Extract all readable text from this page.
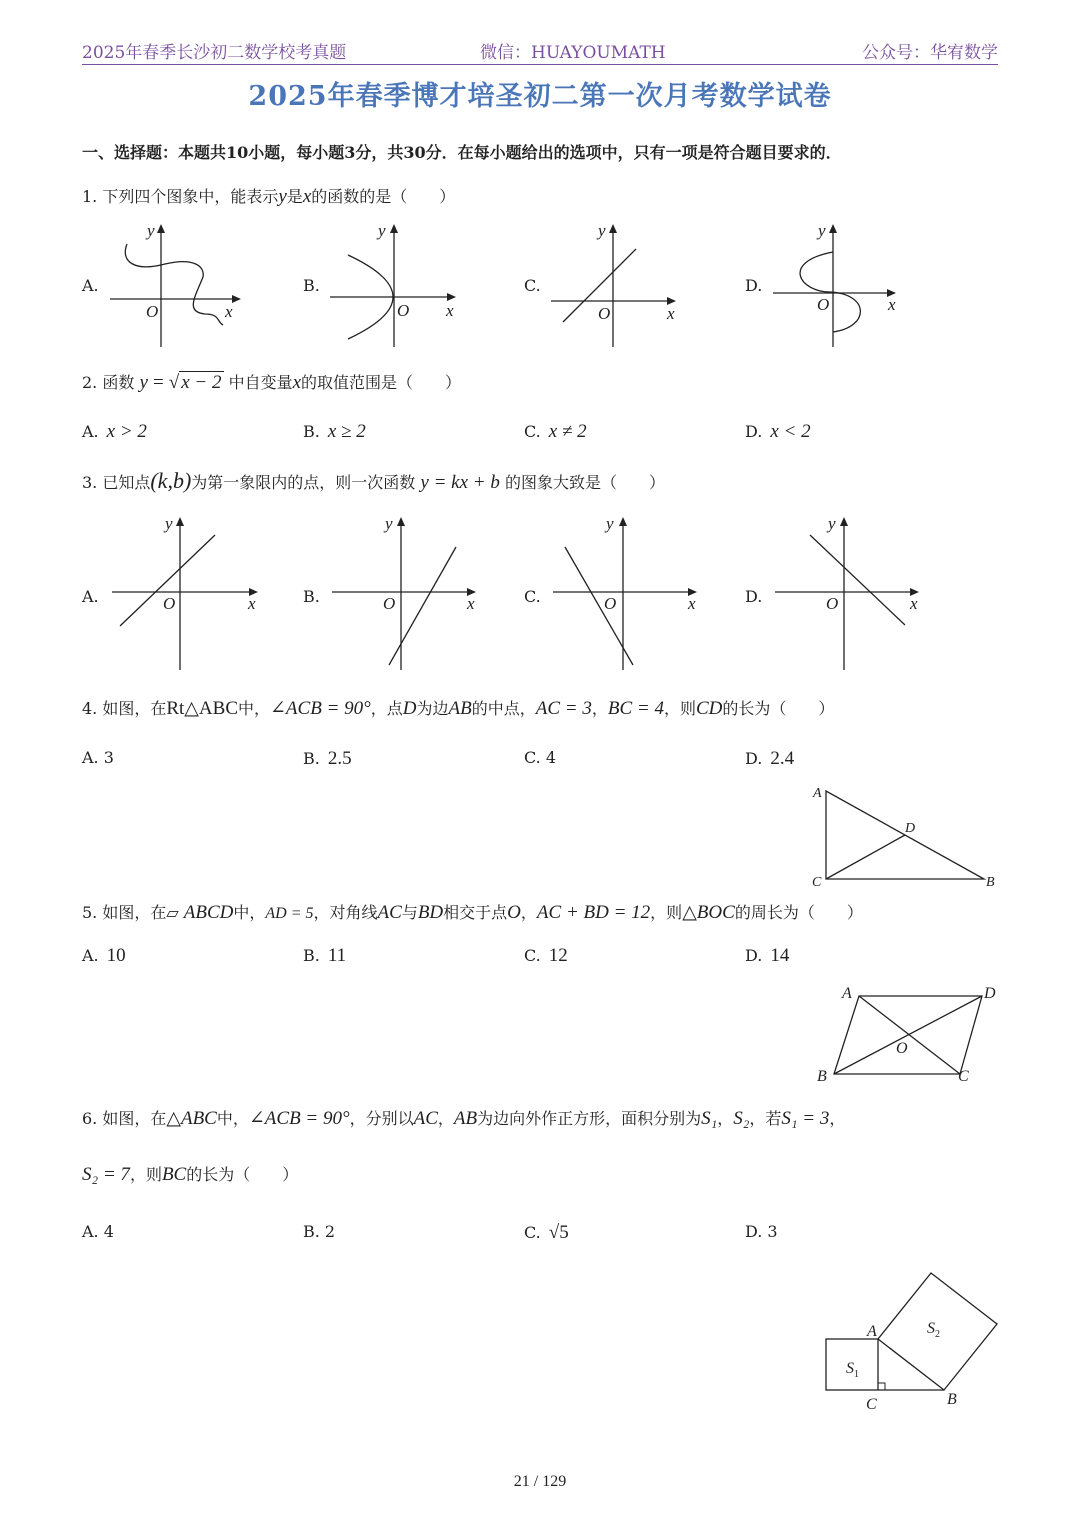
2025年春季长沙初二数学校考真题	微信：HUAYOUMATH	公众号：华宥数学
2025年春季博才培圣初二第一次月考数学试卷
一、选择题：本题共10小题，每小题3分，共30分．在每小题给出的选项中，只有一项是符合题目要求的．
1. 下列四个图象中，能表示y是x的函数的是（　　）
A.	B.	C.	D.
y
x
O
y
x
O
y
x
O
y
x
O
2. 函数 y = √ x − 2 中自变量x的取值范围是（　　）
A. x > 2	B. x ≥ 2	C. x ≠ 2	D. x < 2
3. 已知点(k,b)为第一象限内的点，则一次函数 y = kx + b 的图象大致是（　　）
A.	B.	C.	D.
y
x
O
y
x
O
y
x
O
y
x
O
4. 如图，在Rt△ABC中，∠ACB = 90°，点D为边AB的中点，AC = 3，BC = 4，则CD的长为（　　）
A. 3	B. 2.5	C. 4	D. 2.4
A
D
C	B
5. 如图，在▱ ABCD中，AD = 5，对角线AC与BD相交于点O，AC + BD = 12，则△BOC的周长为（　　）
A. 10	B. 11	C. 12	D. 14
A	D
O
B	C
6. 如图，在△ABC中，∠ACB = 90°，分别以AC，AB为边向外作正方形，面积分别为S₁，S₂，若S₁ = 3，
S₂ = 7，则BC的长为（　　）
A. 4	B. 2	C. √5	D. 3
A	$S_2$
$S_1$
C	B
21 / 129
